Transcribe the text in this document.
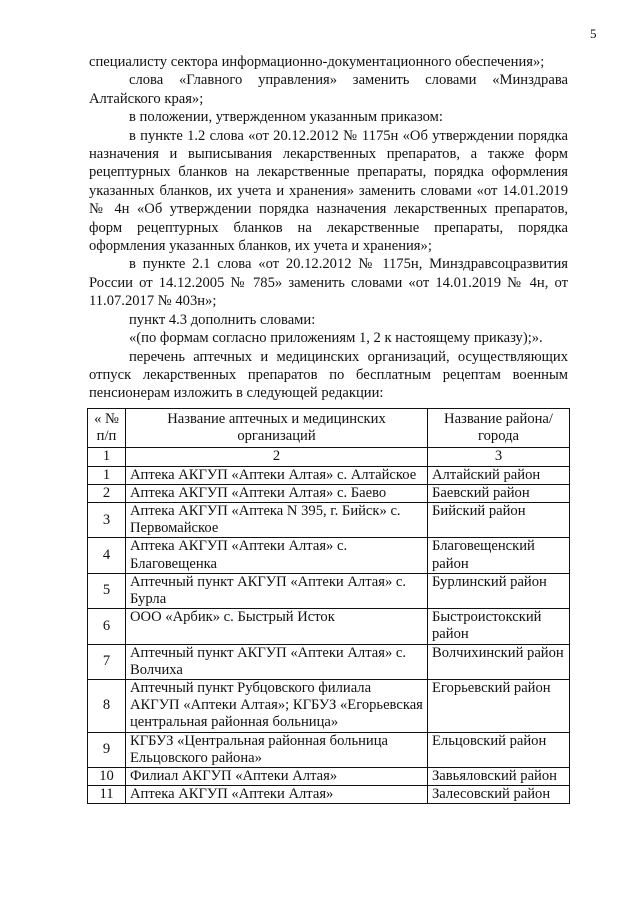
5

специалисту сектора информационно-документационного обеспечения»;

слова «Главного управления» заменить словами «Минздрава Алтайского края»;

в положении, утвержденном указанным приказом:

в пункте 1.2 слова «от 20.12.2012 № 1175н «Об утверждении порядка назначения и выписывания лекарственных препаратов, а также форм рецептурных бланков на лекарственные препараты, порядка оформления указанных бланков, их учета и хранения» заменить словами «от 14.01.2019 № 4н «Об утверждении порядка назначения лекарственных препаратов, форм рецептурных бланков на лекарственные препараты, порядка оформления указанных бланков, их учета и хранения»;

в пункте 2.1 слова «от 20.12.2012 № 1175н, Минздравсоцразвития России от 14.12.2005 № 785» заменить словами «от 14.01.2019 № 4н, от 11.07.2017 № 403н»;

пункт 4.3 дополнить словами:

«(по формам согласно приложениям 1, 2 к настоящему приказу);».

перечень аптечных и медицинских организаций, осуществляющих отпуск лекарственных препаратов по бесплатным рецептам военным пенсионерам изложить в следующей редакции:

« № п/п	Название аптечных и медицинских организаций	Название района/города
1	2	3
1	Аптека АКГУП «Аптеки Алтая» с. Алтайское	Алтайский район
2	Аптека АКГУП «Аптеки Алтая» с. Баево	Баевский район
3	Аптека АКГУП «Аптека N 395, г. Бийск» с. Первомайское	Бийский район
4	Аптека АКГУП «Аптеки Алтая» с. Благовещенка	Благовещенский район
5	Аптечный пункт АКГУП «Аптеки Алтая» с. Бурла	Бурлинский район
6	ООО «Арбик» с. Быстрый Исток	Быстроистокский район
7	Аптечный пункт АКГУП «Аптеки Алтая» с. Волчиха	Волчихинский район
8	Аптечный пункт Рубцовского филиала АКГУП «Аптеки Алтая»; КГБУЗ «Егорьевская центральная районная больница»	Егорьевский район
9	КГБУЗ «Центральная районная больница Ельцовского района»	Ельцовский район
10	Филиал АКГУП «Аптеки Алтая»	Завьяловский район
11	Аптека АКГУП «Аптеки Алтая»	Залесовский район
